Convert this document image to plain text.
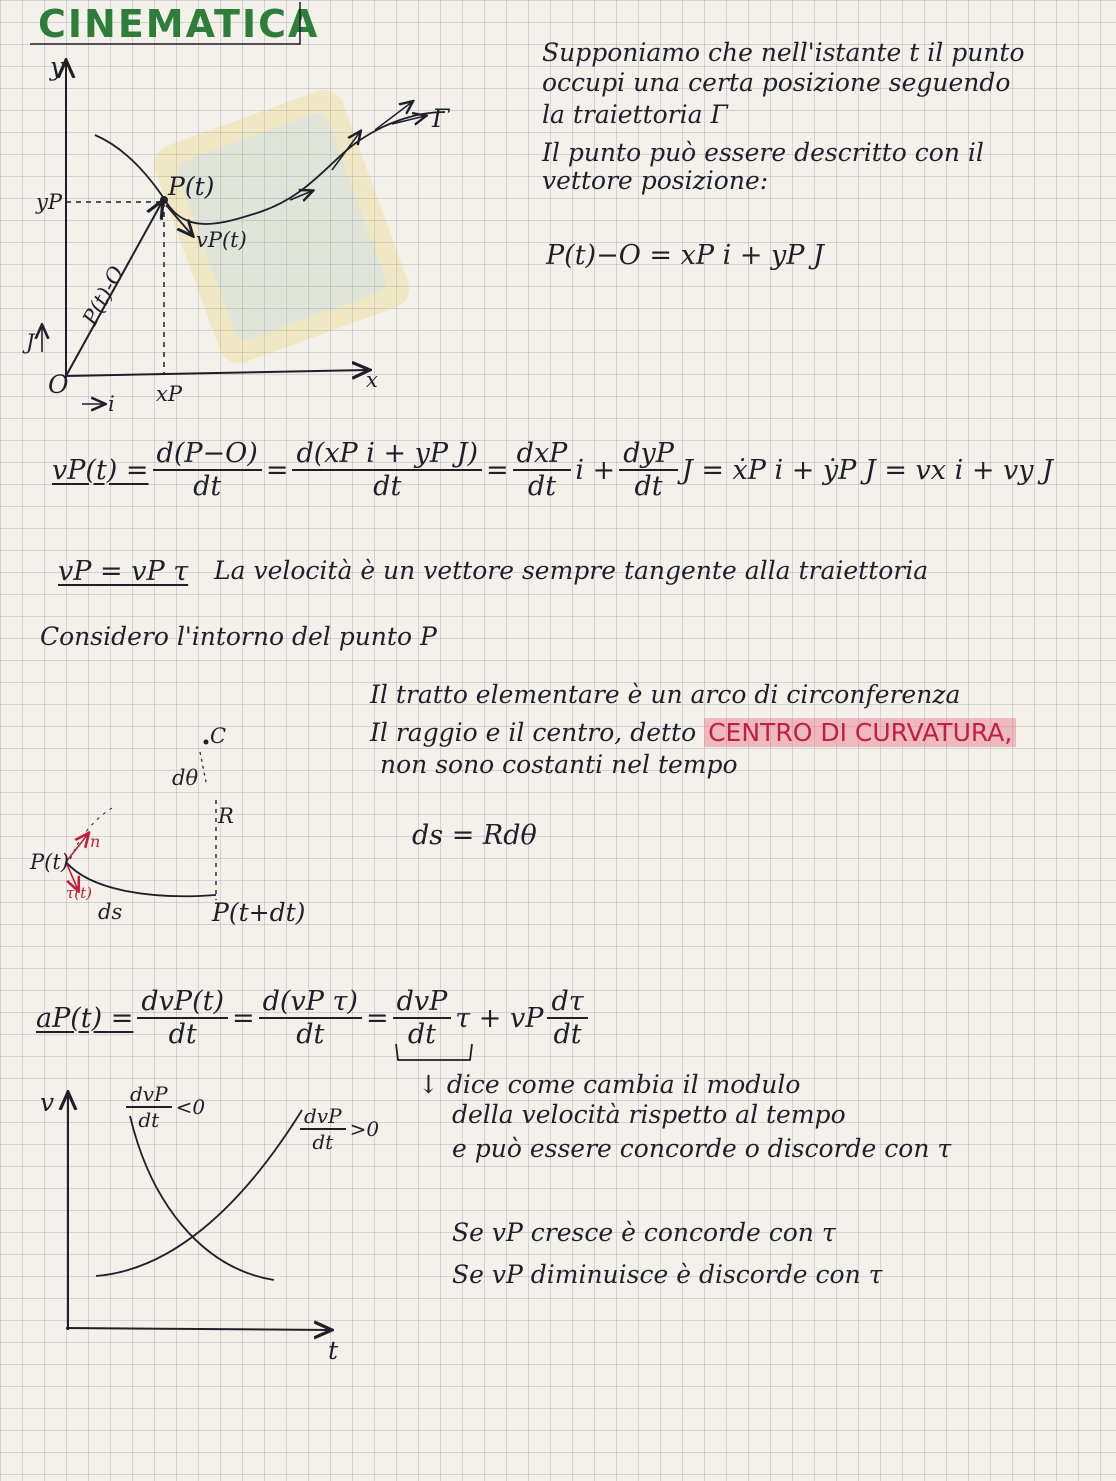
CINEMATICA
y
x
O
J
i
yP
xP
P(t)
P(t)-O
vP(t)
Γ
Supponiamo che nell'istante t il punto
occupi una certa posizione seguendo
la traiettoria Γ
Il punto può essere descritto con il
vettore posizione:
P(t)−O = xP i + yP J
$vP(t) = \frac{d(P-O)}{dt} = \frac{\text{d(xP i + yP J)}}{dt} = \frac{\text{dxP}}{dt}$ $i + \frac{\text{dyP}}{dt}$ J = ẋP i + ẏP J = vx i + vy J
vP = vP τ La velocità è un vettore sempre tangente alla traiettoria
Considero l'intorno del punto P
Il tratto elementare è un arco di circonferenza
Il raggio e il centro, detto CENTRO DI CURVATURA,
non sono costanti nel tempo
ds = Rdθ
C
dθ
R
P(t)
n
τ(t)
ds	P(t+dt)
$aP(t) = \frac{\text{dvP(t)}}{dt} = \frac{\text{d(vP τ)}}{dt} = \frac{\text{dvP}}{dt}$ τ + vP $\frac{d\tau}{dt}$
↓ dice come cambia il modulo
della velocità rispetto al tempo
e può essere concorde o discorde con τ
Se vP cresce è concorde con τ
Se vP diminuisce è discorde con τ
v
t
$\frac{\text{dvP}}{dt} <0$	$\frac{\text{dvP}}{dt} >0$
